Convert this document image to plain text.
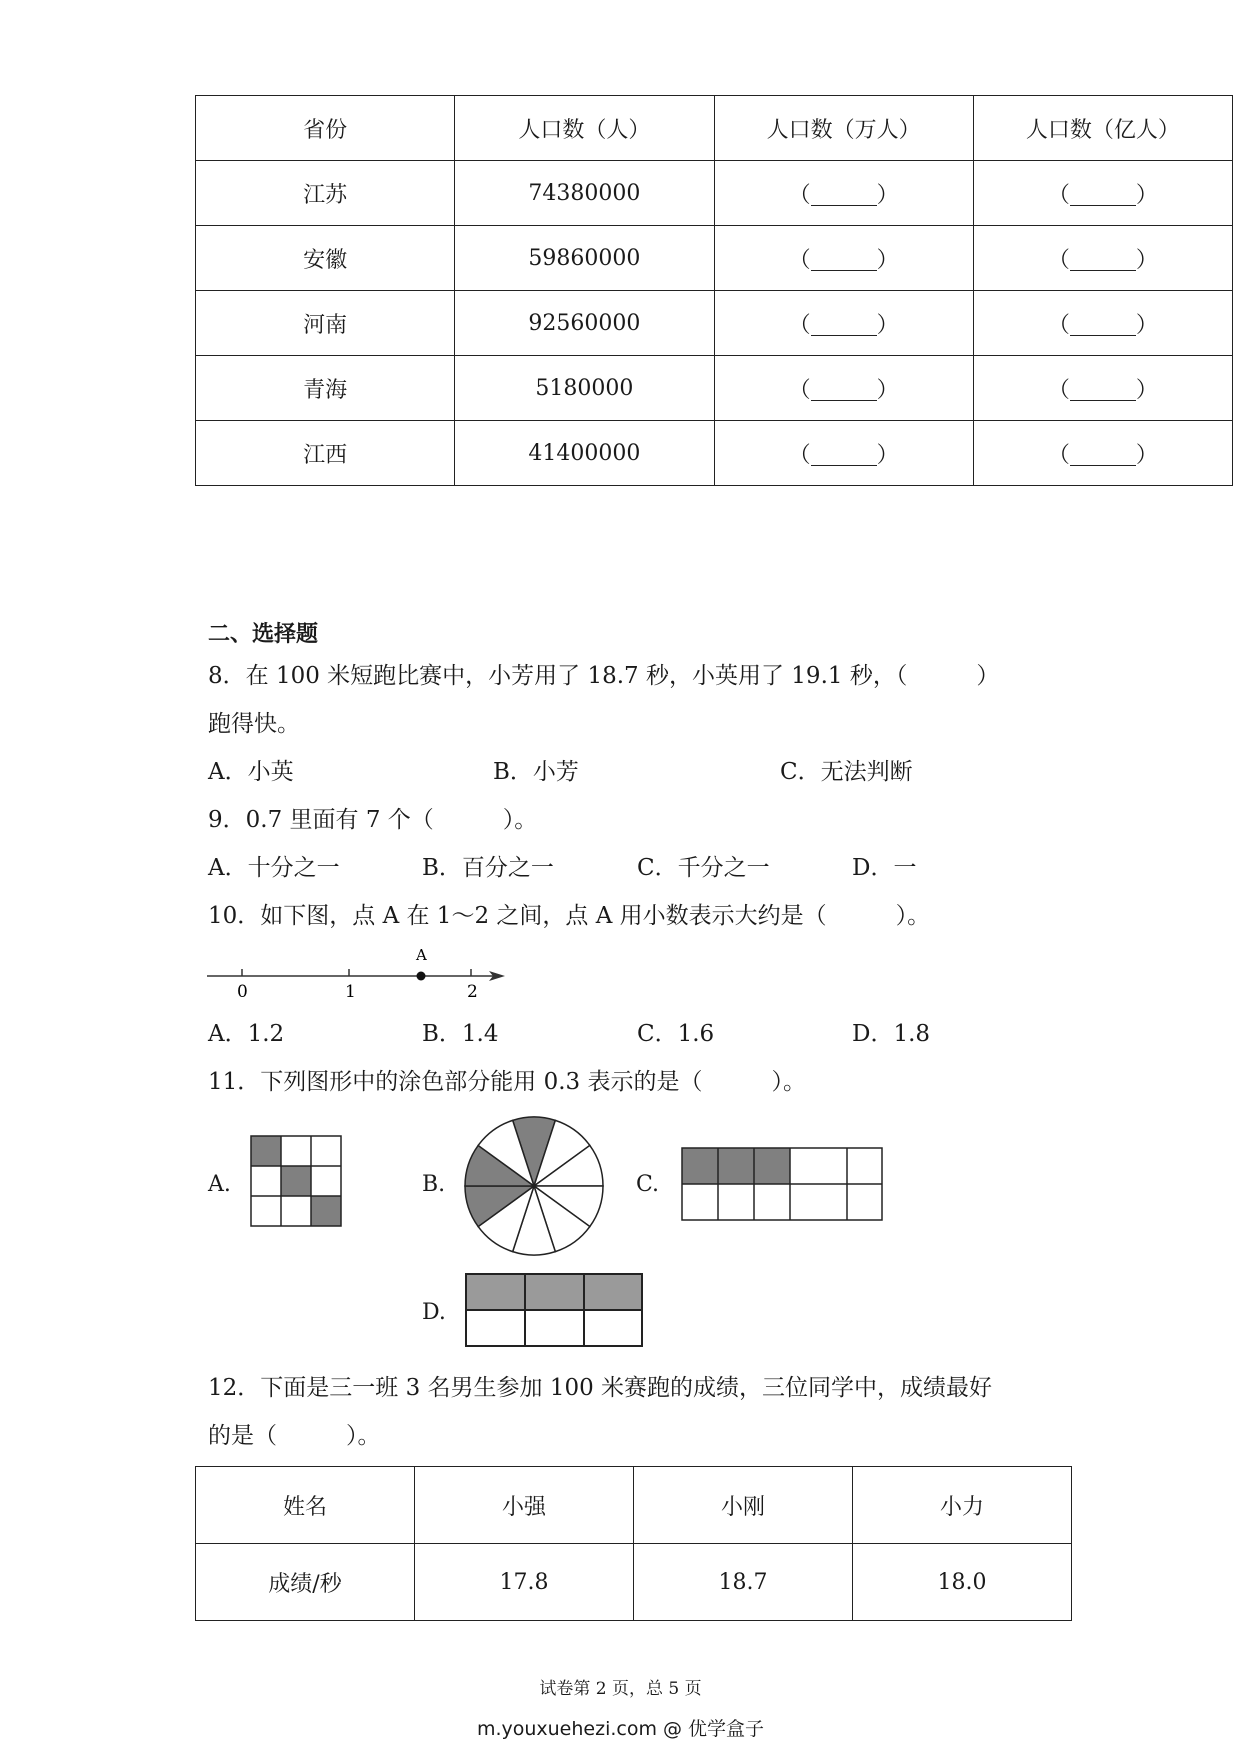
省份	人口数（人）	人口数（万人）	人口数（亿人）
江苏	74380000	（ ）	（ ）
安徽	59860000	（ ）	（ ）
河南	92560000	（ ）	（ ）
青海	5180000	（ ）	（ ）
江西	41400000	（ ）	（ ）
二、选择题
8．在 100 米短跑比赛中，小芳用了 18.7 秒，小英用了 19.1 秒，（　　　）
跑得快。
A．小英	B．小芳	C．无法判断
9．0.7 里面有 7 个（　　　）。
A．十分之一	B．百分之一	C．千分之一	D．一
10．如下图，点 A 在 1～2 之间，点 A 用小数表示大约是（　　　）。
A
0	1	2
A．1.2	B．1.4	C．1.6	D．1.8
11．下列图形中的涂色部分能用 0.3 表示的是（　　　）。
A.	B.	C.
D.
12．下面是三一班 3 名男生参加 100 米赛跑的成绩，三位同学中，成绩最好
的是（　　　）。
姓名	小强	小刚	小力
成绩/秒	17.8	18.7	18.0
试卷第 2 页，总 5 页
m.youxuehezi.com @ 优学盒子
